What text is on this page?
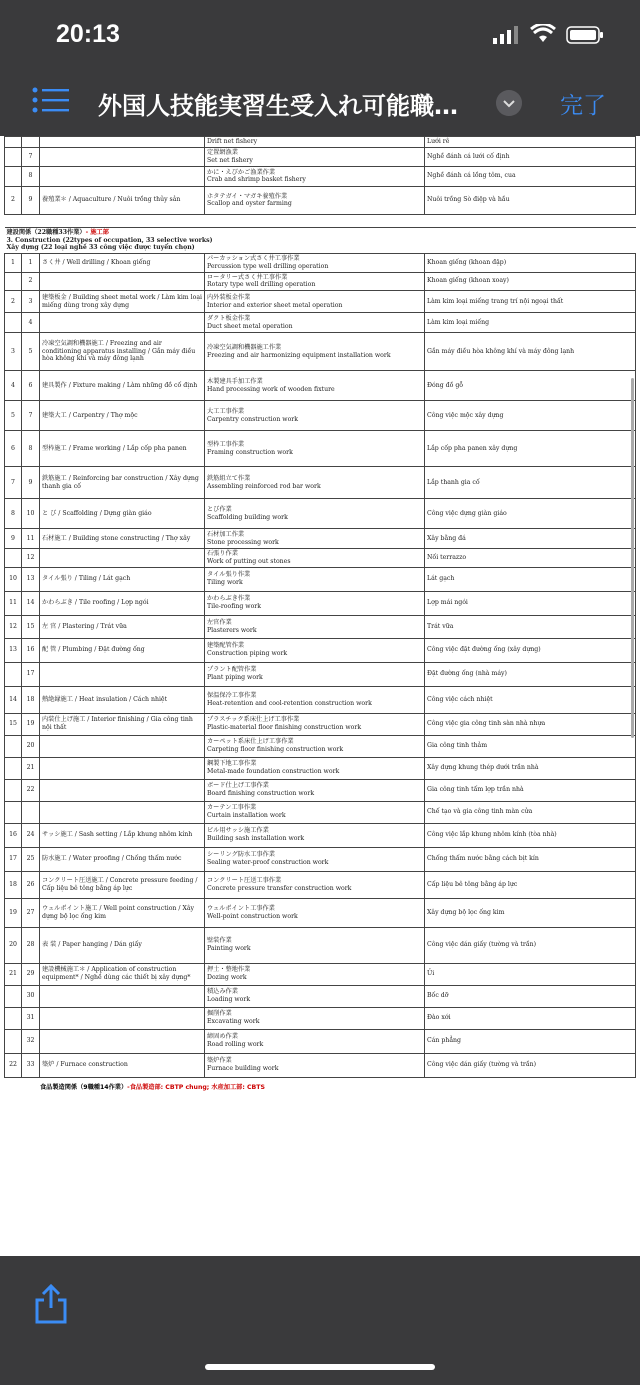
20:13
外国人技能実習生受入れ可能職…	完了

			Drift net fishery	Lưới rê
	7		定置網漁業
Set net fishery	Nghề đánh cá lưới cố định
	8		かに・えびかご漁業作業
Crab and shrimp basket fishery	Nghề đánh cá lồng tôm, cua
2	9	養殖業＊ / Aquaculture / Nuôi trồng thủy sản	ホタテガイ・マガキ養殖作業
Scallop and oyster farming	Nuôi trồng Sò điệp và hầu
建設関係（22職種33作業）- 施工部
3. Construction (22types of occupation, 33 selective works)
Xây dựng (22 loại nghề 33 công việc được tuyển chọn)				
1	1	さく井 / Well drilling / Khoan giếng	パーカッション式さく井工事作業
Percussion type well drilling operation	Khoan giếng (khoan đập)
	2		ロータリー式さく井工事作業
Rotary type well drilling operation	Khoan giếng (khoan xoay)
2	3	建築板金 / Building sheet metal work / Làm kim loại miếng dùng trong xây dựng	内外装板金作業
Interior and exterior sheet metal operation	Làm kim loại miếng trang trí nội ngoại thất
	4		ダクト板金作業
Duct sheet metal operation	Làm kim loại miếng
3	5	冷凍空気調和機器施工 / Freezing and air conditioning apparatus installing / Gắn máy điều hòa không khí và máy đông lạnh	冷凍空気調和機器施工作業
Freezing and air harmonizing equipment installation work	Gắn máy điều hòa không khí và máy đông lạnh
4	6	建具製作 / Fixture making / Làm những đồ cố định	木製建具手加工作業
Hand processing work of wooden fixture	Đóng đồ gỗ
5	7	建築大工 / Carpentry / Thợ mộc	大工工事作業
Carpentry construction work	Công việc mộc xây dựng
6	8	型枠施工 / Frame working / Lắp cốp pha panen	型枠工事作業
Framing construction work	Lắp cốp pha panen xây dựng
7	9	鉄筋施工 / Reinforcing bar construction / Xây dựng thanh gia cố	鉄筋組立て作業
Assembling reinforced rod bar work	Lắp thanh gia cố
8	10	と び / Scaffolding / Dựng giàn giáo	とび作業
Scaffolding building work	Công việc dựng giàn giáo
9	11	石材施工 / Building stone constructing / Thợ xây	石材加工作業
Stone processing work	Xây bằng đá
	12		石張り作業
Work of putting out stones	Nối terrazzo
10	13	タイル張り / Tiling / Lát gạch	タイル張り作業
Tiling work	Lát gạch
11	14	かわらぶき / Tile roofing / Lợp ngói	かわらぶき作業
Tile-roofing work	Lợp mái ngói
12	15	左 官 / Plastering / Trát vữa	左官作業
Plasterers work	Trát vữa
13	16	配 管 / Plumbing / Đặt đường ống	建築配管作業
Construction piping work	Công việc đặt đường ống (xây dựng)
	17		プラント配管作業
Plant piping work	Đặt đường ống (nhà máy)
14	18	熱絶縁施工 / Heat insulation / Cách nhiệt	保温保冷工事作業
Heat-retention and cool-retention construction work	Công việc cách nhiệt
15	19	内装仕上げ施工 / Interior finishing / Gia công tinh nội thất	プラスチック系床仕上げ工事作業
Plastic-material floor finishing construction work	Công việc gia công tinh sàn nhà nhựa
	20		カーペット系床仕上げ工事作業
Carpeting floor finishing construction work	Gia công tinh thảm
	21		鋼製下地工事作業
Metal-made foundation construction work	Xây dựng khung thép dưới trần nhà
	22		ボード仕上げ工事作業
Board finishing construction work	Gia công tinh tấm lợp trần nhà

			カーテン工事作業
Curtain installation work	Chế tạo và gia công tinh màn cửa
16	24	サッシ施工 / Sash setting / Lắp khung nhôm kính	ビル用サッシ施工作業
Building sash installation work	Công việc lắp khung nhôm kính (tòa nhà)
17	25	防水施工 / Water proofing / Chống thấm nước	シーリング防水工事作業
Sealing water-proof construction work	Chống thấm nước bằng cách bịt kín
18	26	コンクリート圧送施工 / Concrete pressure feeding / Cấp liệu bê tông bằng áp lực	コンクリート圧送工事作業
Concrete pressure transfer construction work	Cấp liệu bê tông bằng áp lực
19	27	ウェルポイント施工 / Well point construction / Xây dựng bộ lọc ống kim	ウェルポイント工事作業
Well-point construction work	Xây dựng bộ lọc ống kim
20	28	表 装 / Paper hanging / Dán giấy	壁装作業
Painting work	Công việc dán giấy (tường và trần)
21	29	建設機械施工＊ / Application of construction equipment* / Nghề dùng các thiết bị xây dựng*	押土・整地作業
Dozing work	Ủi
	30		積込み作業
Loading work	Bốc dỡ
	31		掘削作業
Excavating work	Đào xới
	32		締固め作業
Road rolling work	Cán phẳng
22	33	築炉 / Furnace construction	築炉作業
Furnace building work	Công việc dán giấy (tường và trần)
食品製造関係（9職種14作業）-食品製造部: CBTP chung; 水産加工部: CBTS
